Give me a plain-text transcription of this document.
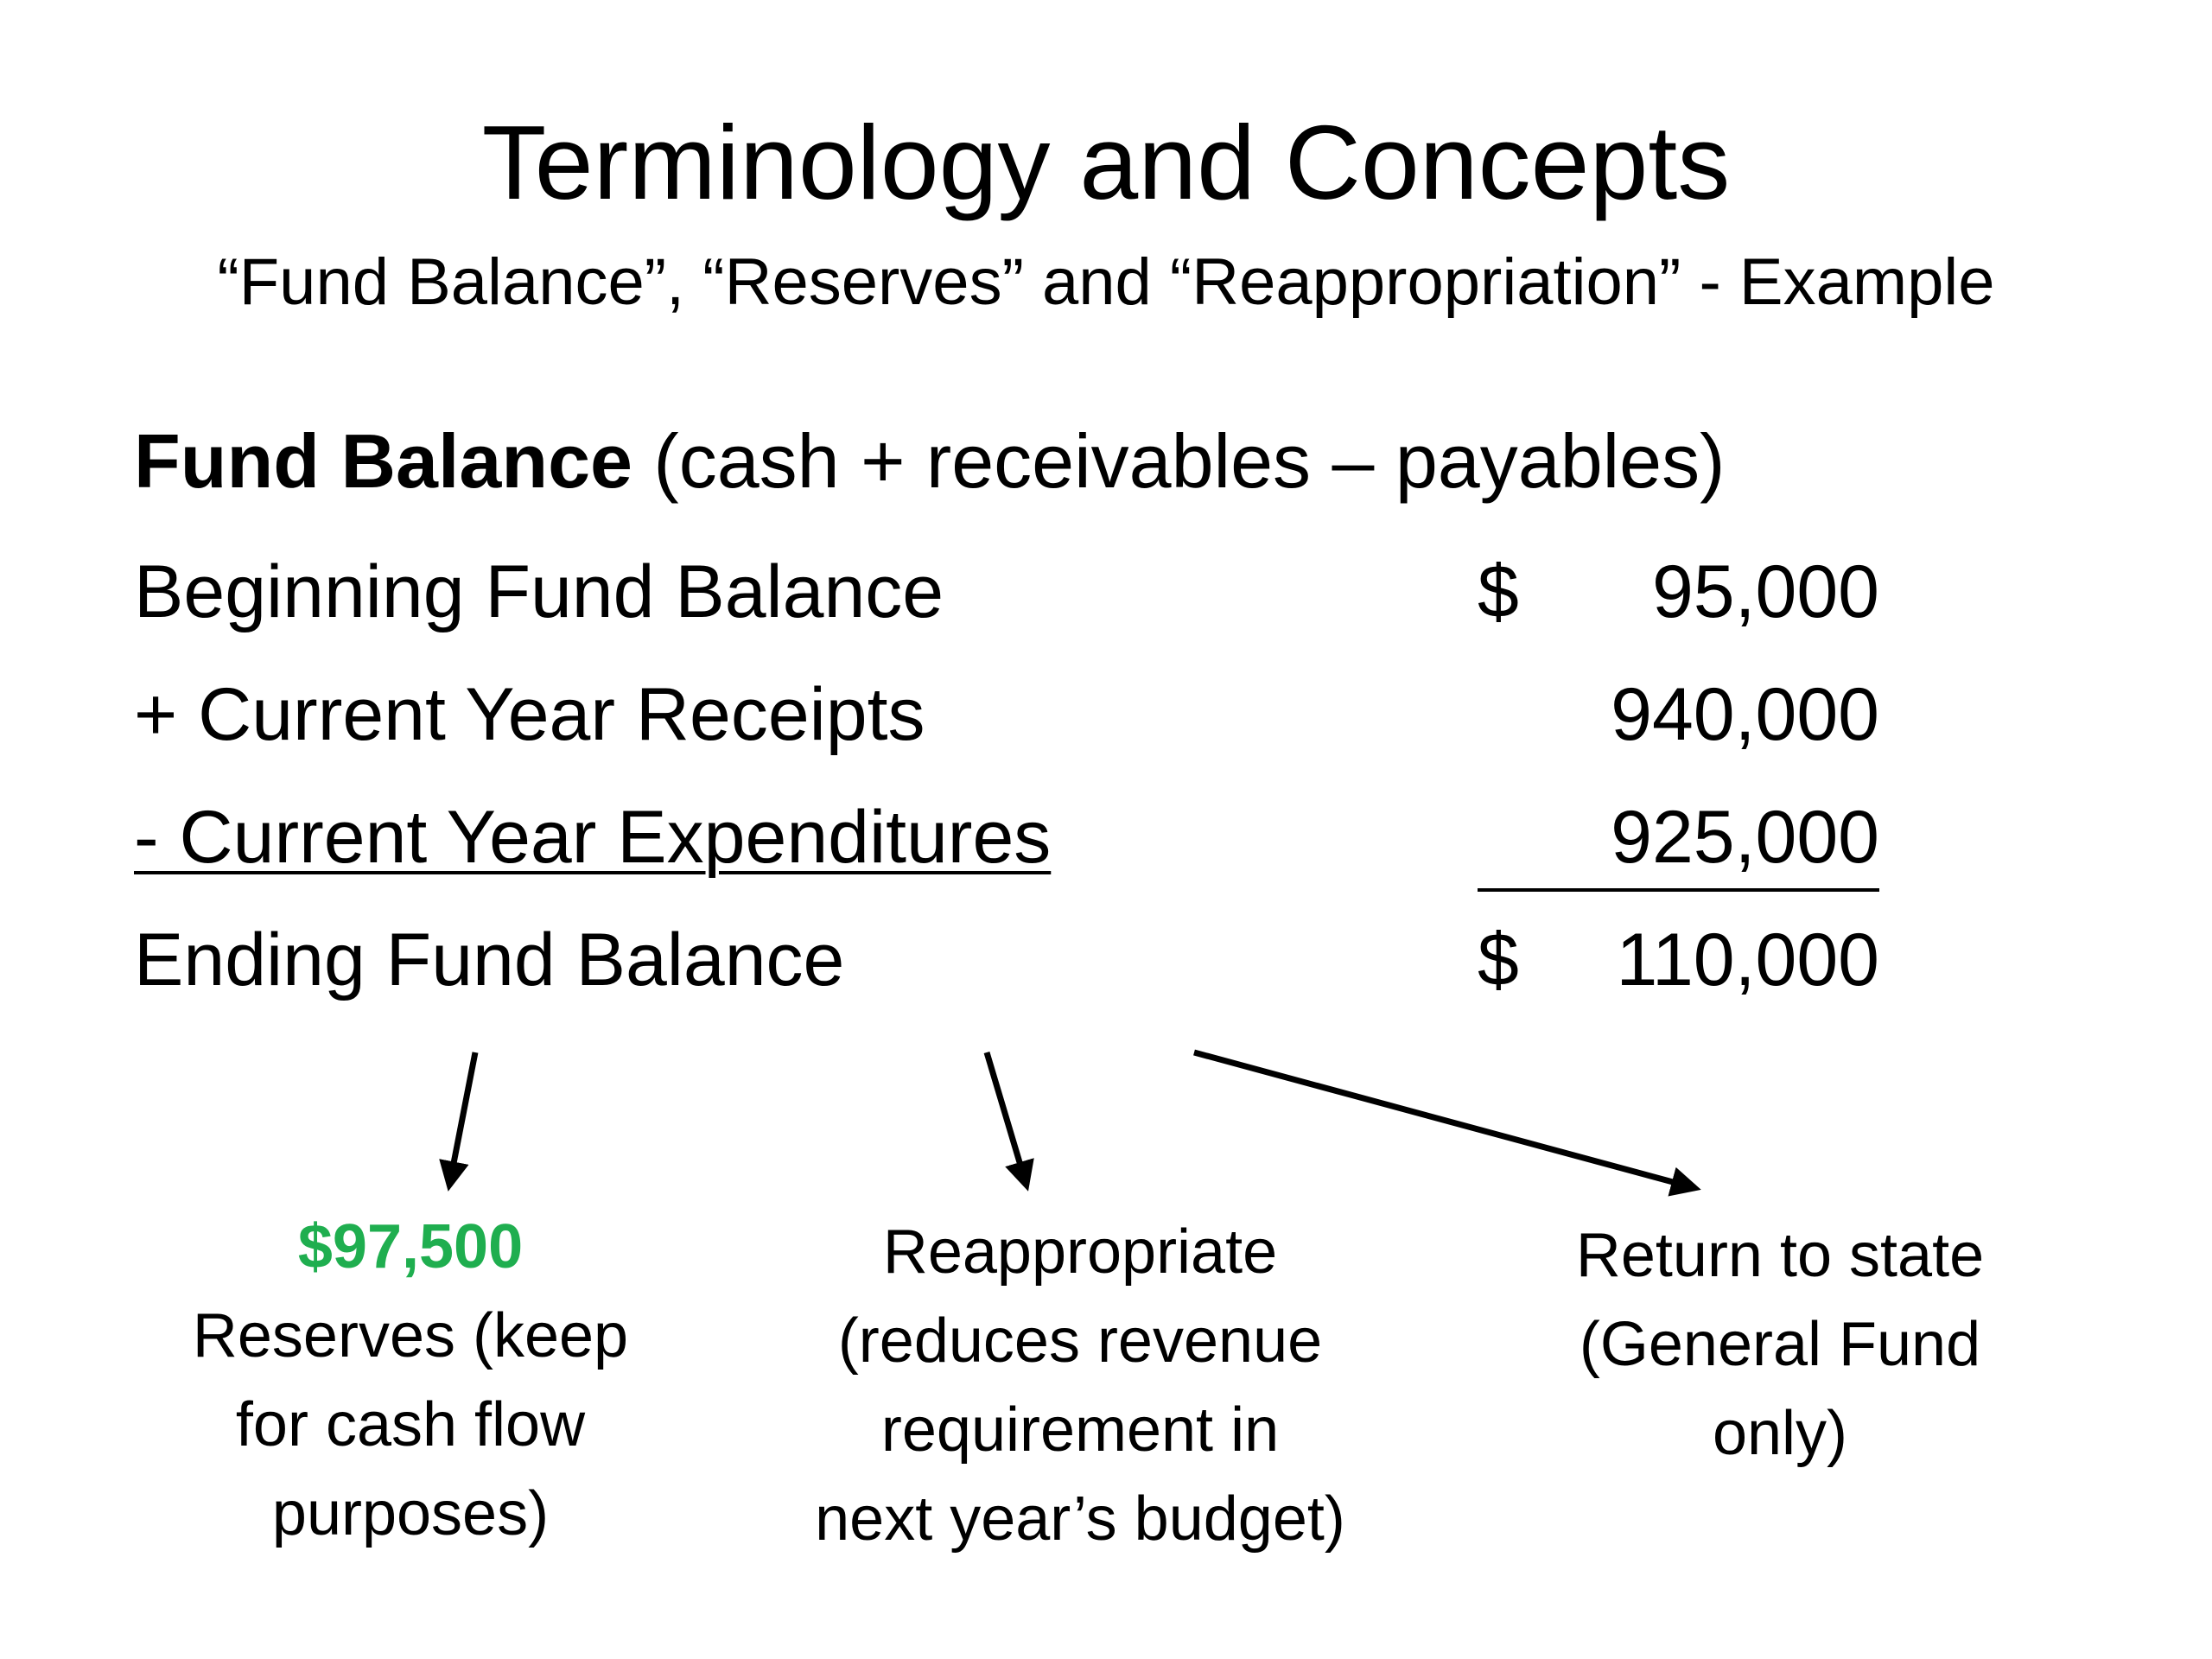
Terminology and Concepts
“Fund Balance”, “Reserves” and “Reappropriation” - Example
Fund Balance (cash + receivables – payables)
Beginning Fund Balance	$ 95,000
+ Current Year Receipts	940,000
- Current Year Expenditures	925,000
Ending Fund Balance	$ 110,000
$97,500
Reserves (keep
for cash flow
purposes)
Reappropriate
(reduces revenue
requirement in
next year’s budget)
Return to state
(General Fund
only)
